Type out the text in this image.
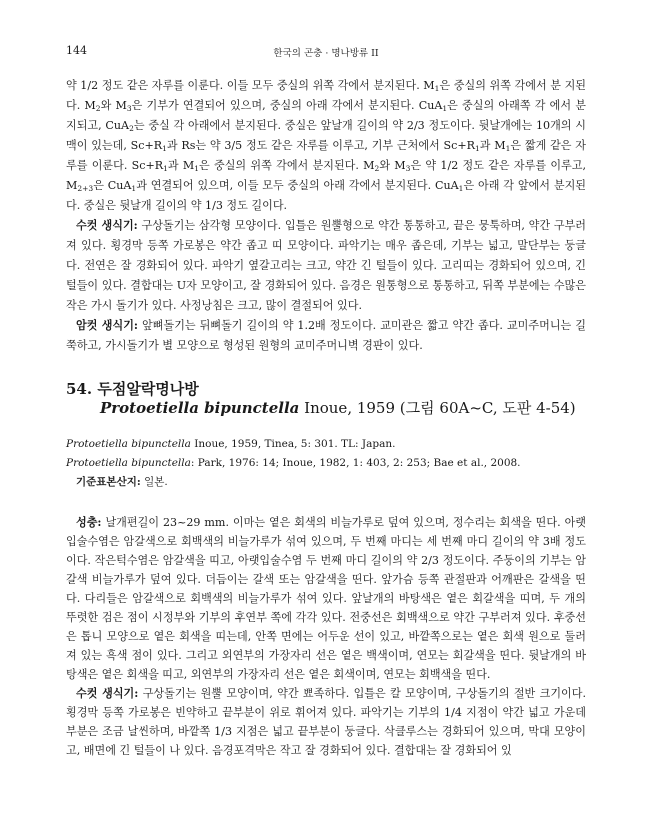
144	한국의 곤충 · 명나방류 II

약 1/2 정도 같은 자루를 이룬다. 이들 모두 중실의 위쪽 각에서 분지된다. $M_1$은 중실의 위쪽 각에서 분 지된다. $M_2$와 $M_3$은 기부가 연결되어 있으며, 중실의 아래 각에서 분지된다. CuA$_1$은 중실의 아래쪽 각 에서 분지되고, CuA$_2$는 중실 각 아래에서 분지된다. 중실은 앞날개 길이의 약 2/3 정도이다. 뒷날개에는 10개의 시맥이 있는데, $Sc+R_1$과 Rs는 약 3/5 정도 같은 자루를 이루고, 기부 근처에서 $Sc+R_1$과 $M_1$은 짧게 같은 자루를 이룬다. $Sc+R_1$과 $M_1$은 중실의 위쪽 각에서 분지된다. $M_2$와 $M_3$은 약 1/2 정도 같은 자루를 이루고, $M_{2+3}$은 CuA$_1$과 연결되어 있으며, 이들 모두 중실의 아래 각에서 분지된다. CuA$_1$은 아래 각 앞에서 분지된다. 중실은 뒷날개 길이의 약 1/3 정도 길이다.

수컷 생식기: 구상돌기는 삼각형 모양이다. 입틀은 원뿔형으로 약간 통통하고, 끝은 뭉툭하며, 약간 구부러져 있다. 횡경막 등쪽 가로봉은 약간 좁고 띠 모양이다. 파악기는 매우 좁은데, 기부는 넓고, 말단부는 둥글다. 전연은 잘 경화되어 있다. 파악기 옆갈고리는 크고, 약간 긴 털들이 있다. 고리띠는 경화되어 있으며, 긴 털들이 있다. 결합대는 U자 모양이고, 잘 경화되어 있다. 음경은 원통형으로 통통하고, 뒤쪽 부분에는 수많은 작은 가시 돌기가 있다. 사정낭침은 크고, 많이 결절되어 있다.

암컷 생식기: 앞뼈돌기는 뒤뼈돌기 길이의 약 1.2배 정도이다. 교미관은 짧고 약간 좁다. 교미주머니는 길쭉하고, 가시돌기가 별 모양으로 형성된 원형의 교미주머니벽 경판이 있다.

54. 두점알락명나방
Protoetiella bipunctella Inoue, 1959 (그림 60A~C, 도판 4-54)

Protoetiella bipunctella Inoue, 1959, Tinea, 5: 301. TL: Japan.

Protoetiella bipunctella: Park, 1976: 14; Inoue, 1982, 1: 403, 2: 253; Bae et al., 2008.

기준표본산지: 일본.

성충: 날개편길이 23~29 mm. 이마는 옅은 회색의 비늘가루로 덮여 있으며, 정수리는 회색을 띤다. 아랫입술수염은 암갈색으로 회백색의 비늘가루가 섞여 있으며, 두 번째 마디는 세 번째 마디 길이의 약 3배 정도이다. 작은턱수염은 암갈색을 띠고, 아랫입술수염 두 번째 마디 길이의 약 2/3 정도이다. 주둥이의 기부는 암갈색 비늘가루가 덮여 있다. 더듬이는 갈색 또는 암갈색을 띤다. 앞가슴 등쪽 관절판과 어깨판은 갈색을 띤다. 다리들은 암갈색으로 회백색의 비늘가루가 섞여 있다. 앞날개의 바탕색은 옅은 회갈색을 띠며, 두 개의 뚜렷한 검은 점이 시정부와 기부의 후연부 쪽에 각각 있다. 전중선은 회백색으로 약간 구부러져 있다. 후중선은 톱니 모양으로 옅은 회색을 띠는데, 안쪽 면에는 어두운 선이 있고, 바깥쪽으로는 옅은 회색 원으로 둘러져 있는 흑색 점이 있다. 그리고 외연부의 가장자리 선은 옅은 백색이며, 연모는 회갈색을 띤다. 뒷날개의 바탕색은 옅은 회색을 띠고, 외연부의 가장자리 선은 옅은 회색이며, 연모는 회백색을 띤다.

수컷 생식기: 구상돌기는 원뿔 모양이며, 약간 뾰족하다. 입틀은 칼 모양이며, 구상돌기의 절반 크기이다. 횡경막 등쪽 가로봉은 빈약하고 끝부분이 위로 휘어져 있다. 파악기는 기부의 1/4 지점이 약간 넓고 가운데 부분은 조금 날씬하며, 바깥쪽 1/3 지점은 넓고 끝부분이 둥글다. 삭클루스는 경화되어 있으며, 막대 모양이고, 배면에 긴 털들이 나 있다. 음경포격막은 작고 잘 경화되어 있다. 결합대는 잘 경화되어 있
